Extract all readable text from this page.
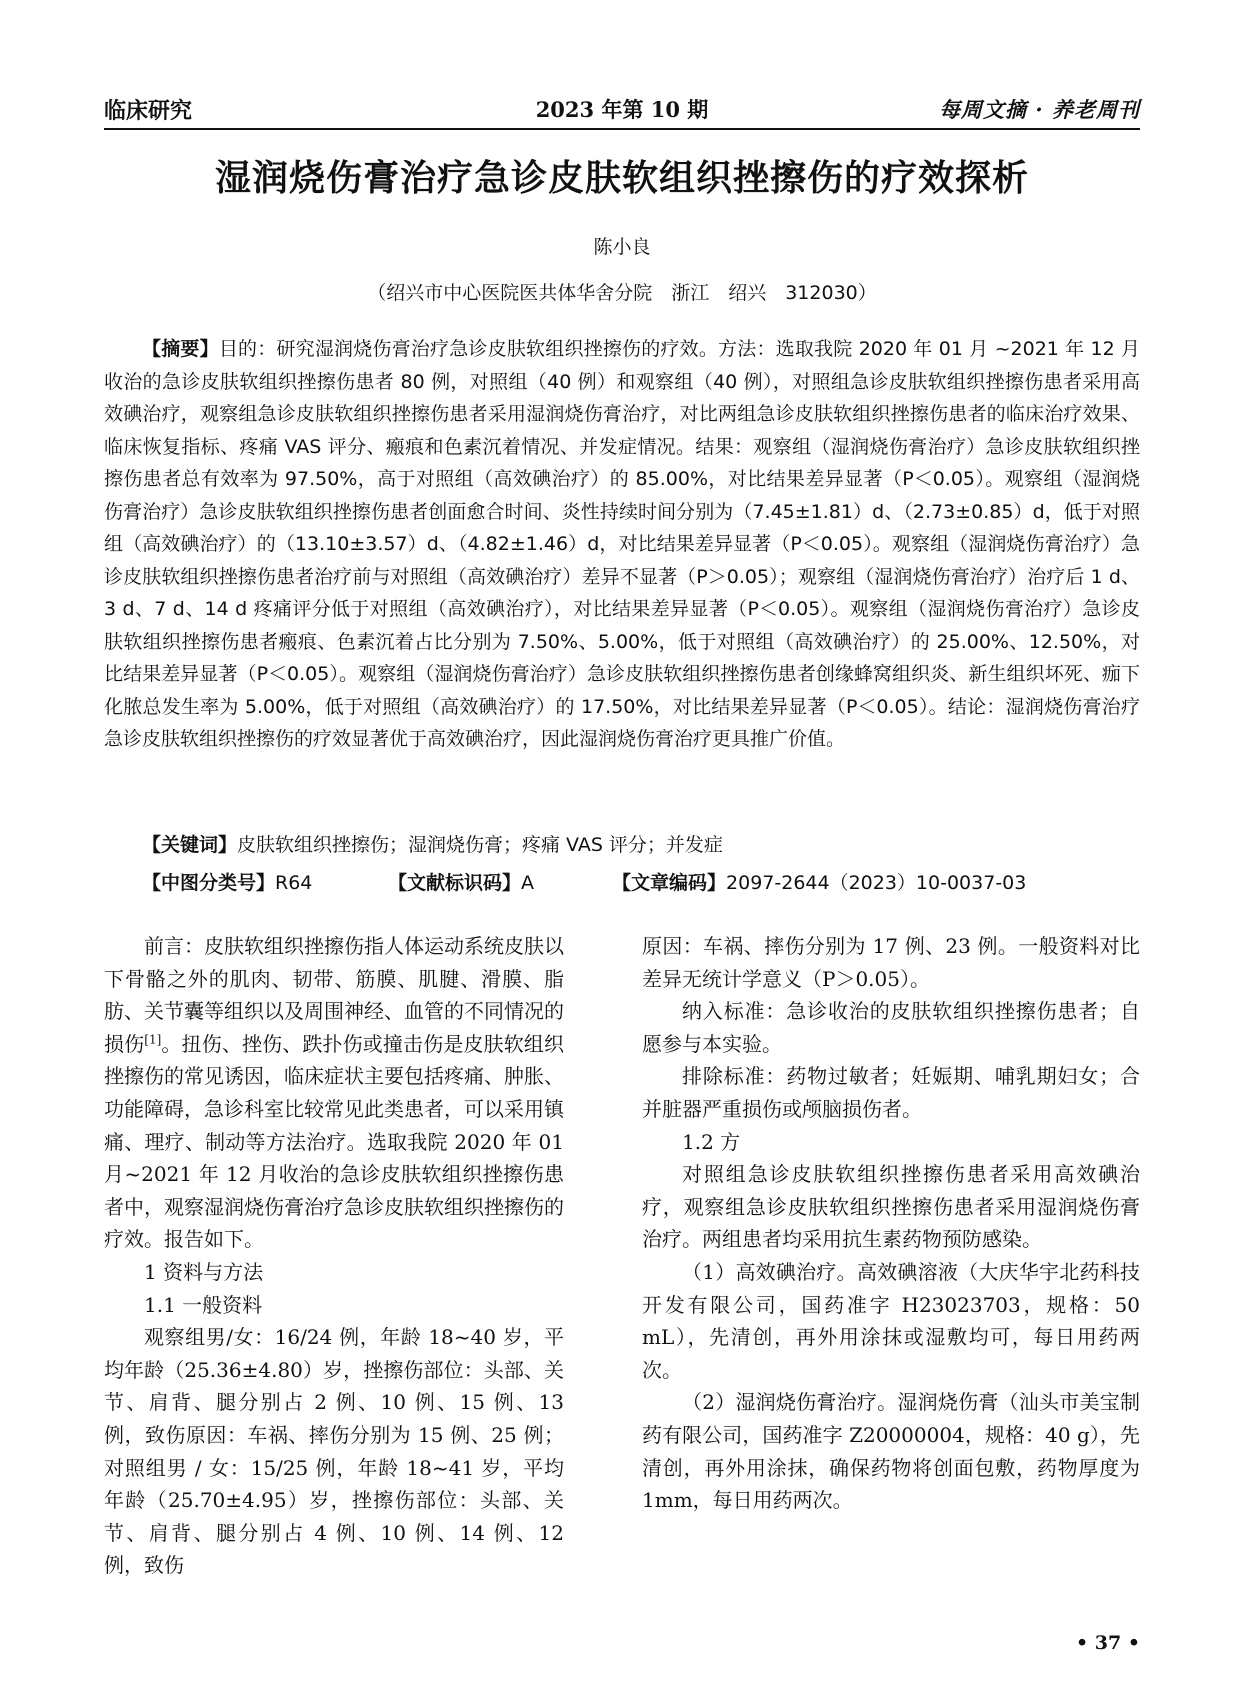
临床研究	2023 年第 10 期	每周文摘 · 养老周刊
湿润烧伤膏治疗急诊皮肤软组织挫擦伤的疗效探析
陈小良
（绍兴市中心医院医共体华舍分院　浙江　绍兴　312030）
【摘要】目的：研究湿润烧伤膏治疗急诊皮肤软组织挫擦伤的疗效。方法：选取我院 2020 年 01 月 ~2021 年 12 月收治的急诊皮肤软组织挫擦伤患者 80 例，对照组（40 例）和观察组（40 例），对照组急诊皮肤软组织挫擦伤患者采用高效碘治疗，观察组急诊皮肤软组织挫擦伤患者采用湿润烧伤膏治疗，对比两组急诊皮肤软组织挫擦伤患者的临床治疗效果、临床恢复指标、疼痛 VAS 评分、瘢痕和色素沉着情况、并发症情况。结果：观察组（湿润烧伤膏治疗）急诊皮肤软组织挫擦伤患者总有效率为 97.50%，高于对照组（高效碘治疗）的 85.00%，对比结果差异显著（P＜0.05）。观察组（湿润烧伤膏治疗）急诊皮肤软组织挫擦伤患者创面愈合时间、炎性持续时间分别为（7.45±1.81）d、（2.73±0.85）d，低于对照组（高效碘治疗）的（13.10±3.57）d、（4.82±1.46）d，对比结果差异显著（P＜0.05）。观察组（湿润烧伤膏治疗）急诊皮肤软组织挫擦伤患者治疗前与对照组（高效碘治疗）差异不显著（P＞0.05）；观察组（湿润烧伤膏治疗）治疗后 1 d、3 d、7 d、14 d 疼痛评分低于对照组（高效碘治疗），对比结果差异显著（P＜0.05）。观察组（湿润烧伤膏治疗）急诊皮肤软组织挫擦伤患者瘢痕、色素沉着占比分别为 7.50%、5.00%，低于对照组（高效碘治疗）的 25.00%、12.50%，对比结果差异显著（P＜0.05）。观察组（湿润烧伤膏治疗）急诊皮肤软组织挫擦伤患者创缘蜂窝组织炎、新生组织坏死、痂下化脓总发生率为 5.00%，低于对照组（高效碘治疗）的 17.50%，对比结果差异显著（P＜0.05）。结论：湿润烧伤膏治疗急诊皮肤软组织挫擦伤的疗效显著优于高效碘治疗，因此湿润烧伤膏治疗更具推广价值。
【关键词】皮肤软组织挫擦伤；湿润烧伤膏；疼痛 VAS 评分；并发症
【中图分类号】R64	【文献标识码】A	【文章编码】2097-2644（2023）10-0037-03

前言：皮肤软组织挫擦伤指人体运动系统皮肤以下骨骼之外的肌肉、韧带、筋膜、肌腱、滑膜、脂肪、关节囊等组织以及周围神经、血管的不同情况的损伤[1]。扭伤、挫伤、跌扑伤或撞击伤是皮肤软组织挫擦伤的常见诱因，临床症状主要包括疼痛、肿胀、功能障碍，急诊科室比较常见此类患者，可以采用镇痛、理疗、制动等方法治疗。选取我院 2020 年 01 月~2021 年 12 月收治的急诊皮肤软组织挫擦伤患者中，观察湿润烧伤膏治疗急诊皮肤软组织挫擦伤的疗效。报告如下。

1 资料与方法

1.1 一般资料

观察组男/女：16/24 例，年龄 18~40 岁，平均年龄（25.36±4.80）岁，挫擦伤部位：头部、关节、肩背、腿分别占 2 例、10 例、15 例、13 例，致伤原因：车祸、摔伤分别为 15 例、25 例；对照组男 / 女：15/25 例，年龄 18~41 岁，平均年龄（25.70±4.95）岁，挫擦伤部位：头部、关节、肩背、腿分别占 4 例、10 例、14 例、12 例，致伤

原因：车祸、摔伤分别为 17 例、23 例。一般资料对比差异无统计学意义（P＞0.05）。

纳入标准：急诊收治的皮肤软组织挫擦伤患者；自愿参与本实验。

排除标准：药物过敏者；妊娠期、哺乳期妇女；合并脏器严重损伤或颅脑损伤者。

1.2 方

对照组急诊皮肤软组织挫擦伤患者采用高效碘治疗，观察组急诊皮肤软组织挫擦伤患者采用湿润烧伤膏治疗。两组患者均采用抗生素药物预防感染。

（1）高效碘治疗。高效碘溶液（大庆华宇北药科技开发有限公司，国药准字 H23023703，规格：50 mL），先清创，再外用涂抹或湿敷均可，每日用药两次。

（2）湿润烧伤膏治疗。湿润烧伤膏（汕头市美宝制药有限公司，国药准字 Z20000004，规格：40 g），先清创，再外用涂抹，确保药物将创面包敷，药物厚度为 1mm，每日用药两次。

• 37 •
